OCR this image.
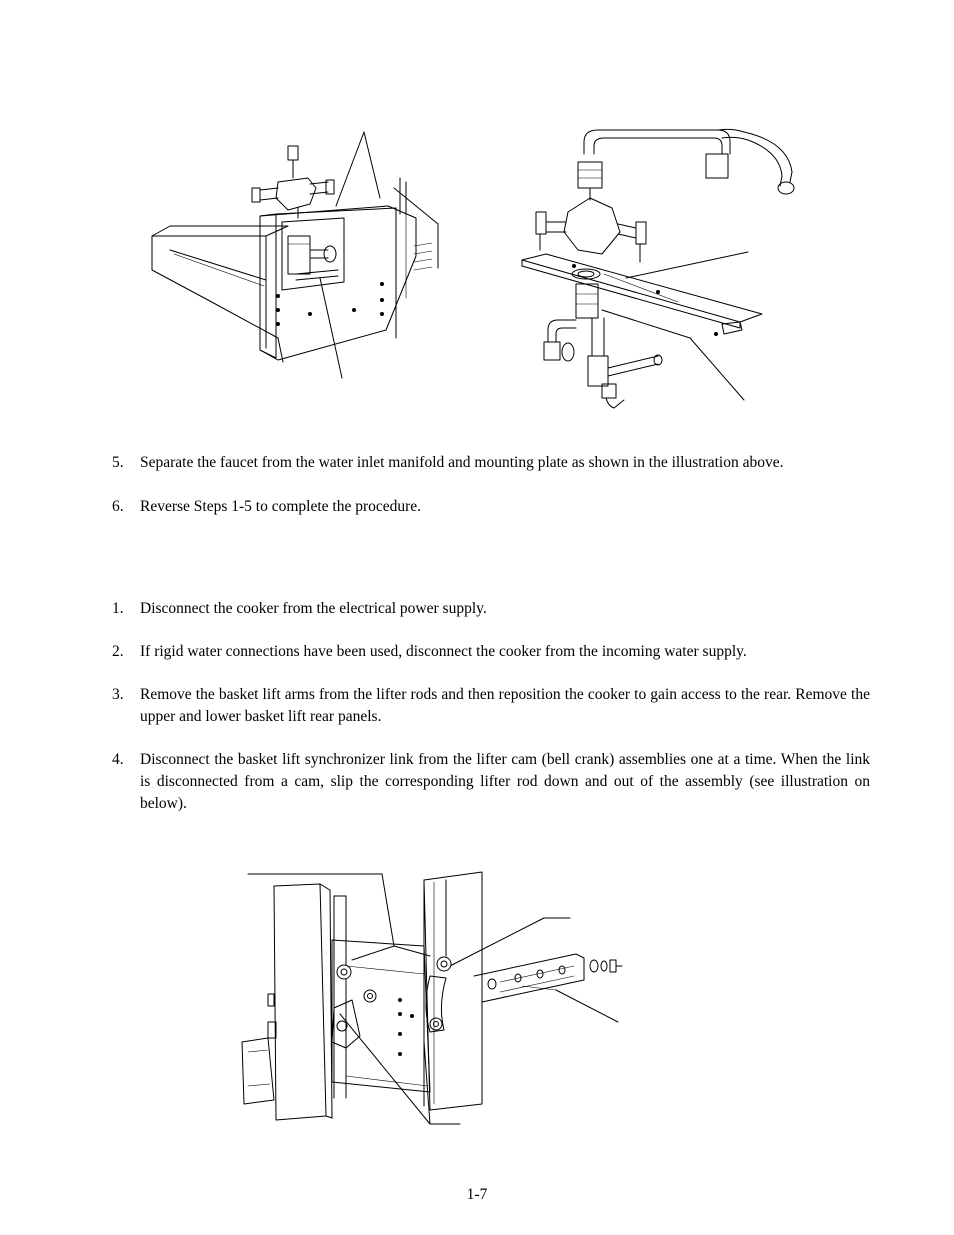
5. Separate the faucet from the water inlet manifold and mounting plate as shown in the illustration above.
6. Reverse Steps 1-5 to complete the procedure.
1. Disconnect the cooker from the electrical power supply.
2. If rigid water connections have been used, disconnect the cooker from the incoming water supply.
3. Remove the basket lift arms from the lifter rods and then reposition the cooker to gain access to the rear. Remove the upper and lower basket lift rear panels.
4. Disconnect the basket lift synchronizer link from the lifter cam (bell crank) assemblies one at a time. When the link is disconnected from a cam, slip the corresponding lifter rod down and out of the assembly (see illustration on below).
1-7
